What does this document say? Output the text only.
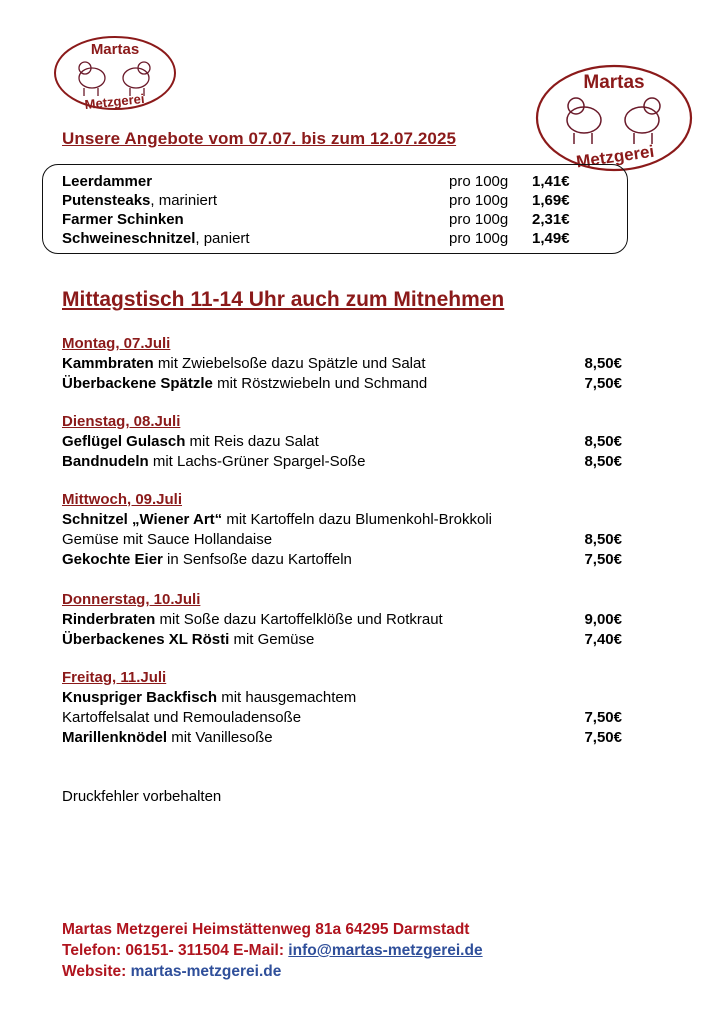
Martas
Metzgerei
Martas
Metzgerei
Unsere Angebote vom 07.07. bis zum 12.07.2025
Leerdammer	pro 100g 1,41€
Putensteaks, mariniert	pro 100g 1,69€
Farmer Schinken	pro 100g 2,31€
Schweineschnitzel, paniert	pro 100g 1,49€
Mittagstisch 11-14 Uhr auch zum Mitnehmen
Montag, 07.Juli
Kammbraten mit Zwiebelsoße dazu Spätzle und Salat	8,50€
Überbackene Spätzle mit Röstzwiebeln und Schmand	7,50€
Dienstag, 08.Juli
Geflügel Gulasch mit Reis dazu Salat	8,50€
Bandnudeln mit Lachs-Grüner Spargel-Soße	8,50€
Mittwoch, 09.Juli
Schnitzel „Wiener Art“ mit Kartoffeln dazu Blumenkohl-Brokkoli
Gemüse mit Sauce Hollandaise	8,50€
Gekochte Eier in Senfsoße dazu Kartoffeln	7,50€
Donnerstag, 10.Juli
Rinderbraten mit Soße dazu Kartoffelklöße und Rotkraut	9,00€
Überbackenes XL Rösti mit Gemüse	7,40€
Freitag, 11.Juli
Knuspriger Backfisch mit hausgemachtem
Kartoffelsalat und Remouladensoße	7,50€
Marillenknödel mit Vanillesoße	7,50€
Druckfehler vorbehalten
Martas Metzgerei Heimstättenweg 81a 64295 Darmstadt
Telefon: 06151- 311504 E-Mail: info@martas-metzgerei.de
Website: martas-metzgerei.de
